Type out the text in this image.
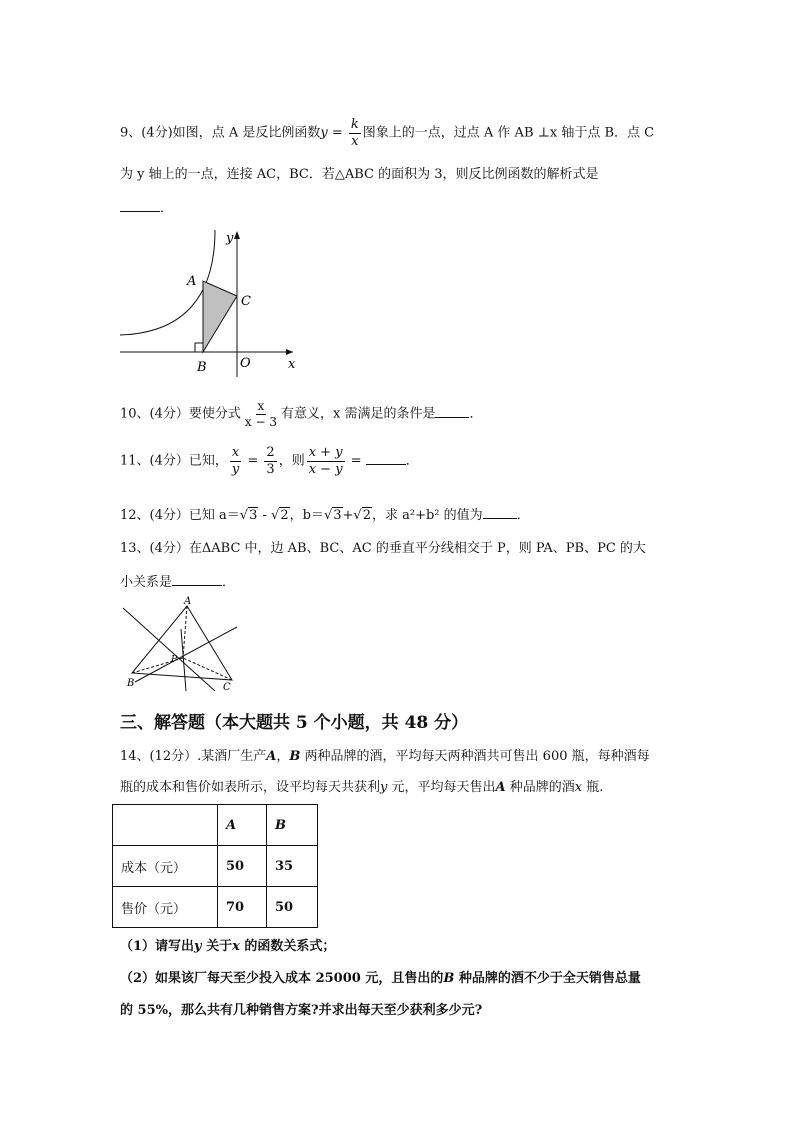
9、(4分)如图，点 A 是反比例函数$y = \frac{k}{x}$ 图象上的一点，过点 A 作 AB ⊥x 轴于点 B．点 C
为 y 轴上的一点，连接 AC，BC．若△ABC 的面积为 3，则反比例函数的解析式是
．
y
x
A
B
C
O
10、(4分）要使分式 $\frac{x}{x - 3}$ 有意义，x 需满足的条件是	．
11、(4分）已知， $\frac{x}{y} = \frac{2}{3}$ ，则 $\frac{x + y}{x - y}$ =	．
12、(4分）已知 a＝√3 - √2，b＝√3+√2，求 a²+b² 的值为	．
13、(4分）在ΔABC 中，边 AB、BC、AC 的垂直平分线相交于 P，则 PA、PB、PC 的大
小关系是	．
A
B	C
P
三、解答题（本大题共 5 个小题，共 48 分）
14、(12分）.某酒厂生产A，B 两种品牌的酒，平均每天两种酒共可售出 600 瓶，每种酒每
瓶的成本和售价如表所示，设平均每天共获利y 元，平均每天售出A 种品牌的酒x 瓶.
	A	B
成本（元）	50	35
售价（元）	70	50
（1）请写出y 关于x 的函数关系式；
（2）如果该厂每天至少投入成本 25000 元，且售出的B 种品牌的酒不少于全天销售总量
的 55%，那么共有几种销售方案?并求出每天至少获利多少元?
